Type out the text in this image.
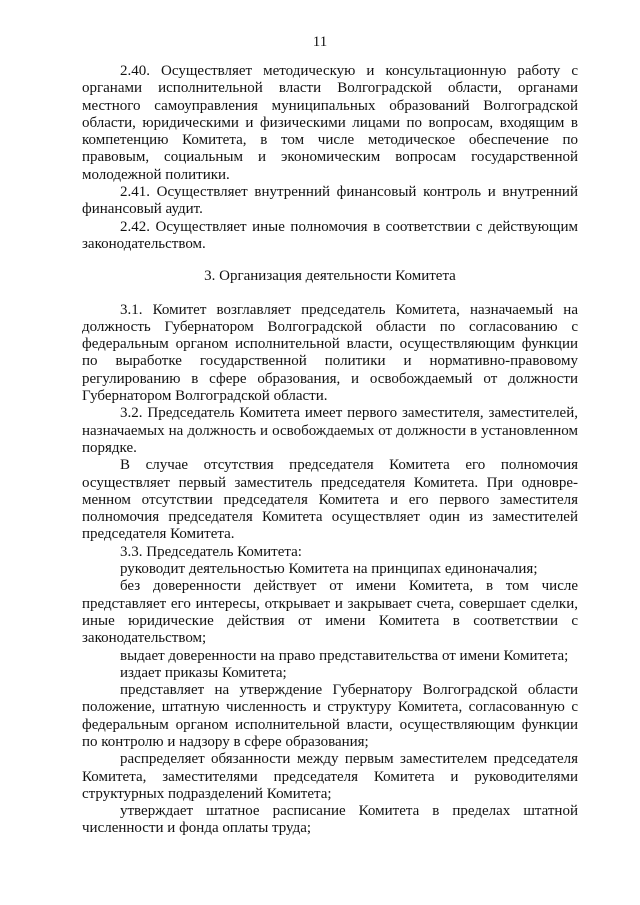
11

2.40. Осуществляет методическую и консультационную работу с органами исполнительной власти Волгоградской области, органами местного самоуправления муниципальных образований Волгоградской области, юридическими и физическими лицами по вопросам, входящим в компетенцию Комитета, в том числе методическое обеспечение по правовым, социальным и экономическим вопросам государственной молодежной политики.

2.41. Осуществляет внутренний финансовый контроль и внутренний финансовый аудит.

2.42. Осуществляет иные полномочия в соответствии с действующим законодательством.

3. Организация деятельности Комитета

3.1. Комитет возглавляет председатель Комитета, назначаемый на должность Губернатором Волгоградской области по согласованию с федеральным органом исполнительной власти, осуществляющим функции по выработке государственной политики и нормативно-правовому регулированию в сфере образования, и освобождаемый от должности Губернатором Волгоградской области.

3.2. Председатель Комитета имеет первого заместителя, заместителей, назначаемых на должность и освобождаемых от должности в установленном порядке.

В случае отсутствия председателя Комитета его полномочия осуществляет первый заместитель председателя Комитета. При одновременном отсутствии председателя Комитета и его первого заместителя полномочия председателя Комитета осуществляет один из заместителей председателя Комитета.

3.3. Председатель Комитета:

руководит деятельностью Комитета на принципах единоначалия;

без доверенности действует от имени Комитета, в том числе представляет его интересы, открывает и закрывает счета, совершает сделки, иные юридические действия от имени Комитета в соответствии с законодательством;

выдает доверенности на право представительства от имени Комитета;

издает приказы Комитета;

представляет на утверждение Губернатору Волгоградской области положение, штатную численность и структуру Комитета, согласованную с федеральным органом исполнительной власти, осуществляющим функции по контролю и надзору в сфере образования;

распределяет обязанности между первым заместителем председателя Комитета, заместителями председателя Комитета и руководителями структурных подразделений Комитета;

утверждает штатное расписание Комитета в пределах штатной численности и фонда оплаты труда;
